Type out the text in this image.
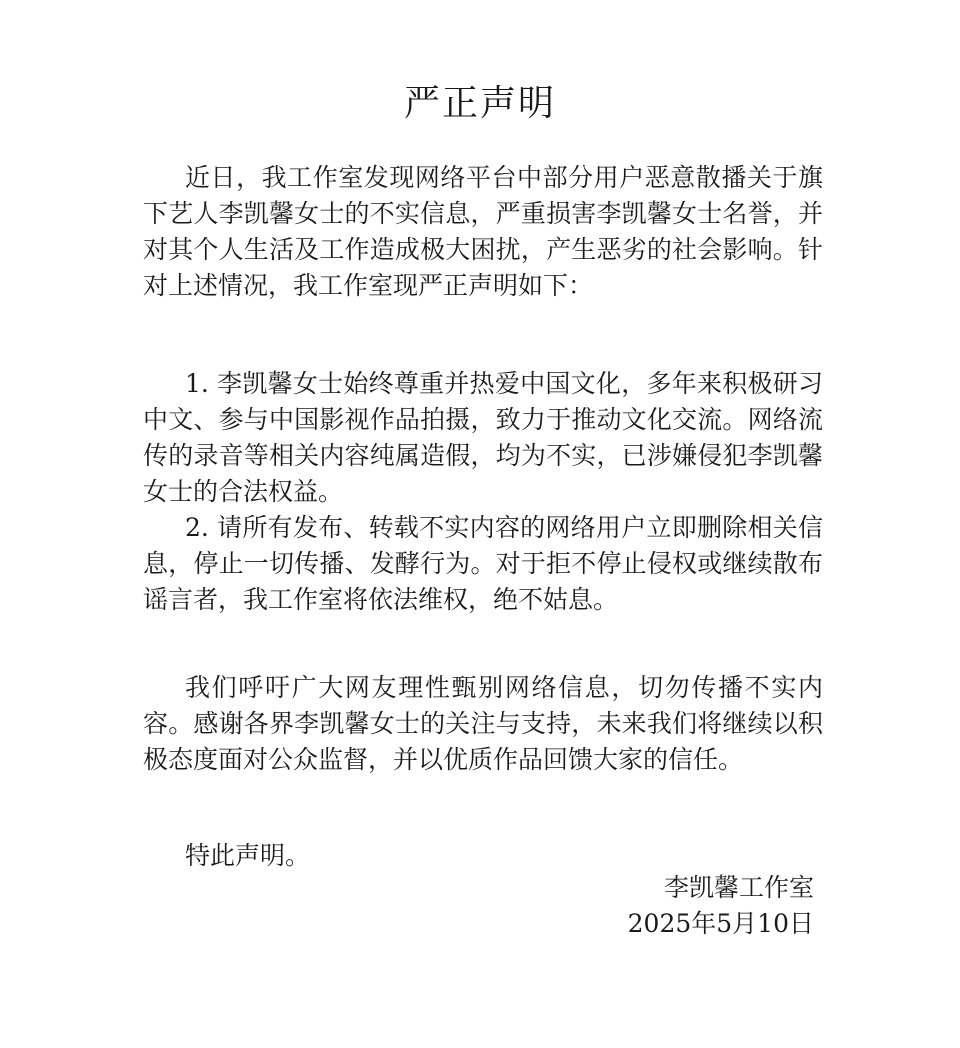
严正声明

近日，我工作室发现网络平台中部分用户恶意散播关于旗下艺人李凯馨女士的不实信息，严重损害李凯馨女士名誉，并对其个人生活及工作造成极大困扰，产生恶劣的社会影响。针对上述情况，我工作室现严正声明如下：

1. 李凯馨女士始终尊重并热爱中国文化，多年来积极研习中文、参与中国影视作品拍摄，致力于推动文化交流。网络流传的录音等相关内容纯属造假，均为不实，已涉嫌侵犯李凯馨女士的合法权益。

2. 请所有发布、转载不实内容的网络用户立即删除相关信息，停止一切传播、发酵行为。对于拒不停止侵权或继续散布谣言者，我工作室将依法维权，绝不姑息。

我们呼吁广大网友理性甄别网络信息，切勿传播不实内容。感谢各界李凯馨女士的关注与支持，未来我们将继续以积极态度面对公众监督，并以优质作品回馈大家的信任。

特此声明。

李凯馨工作室

2025年5月10日
